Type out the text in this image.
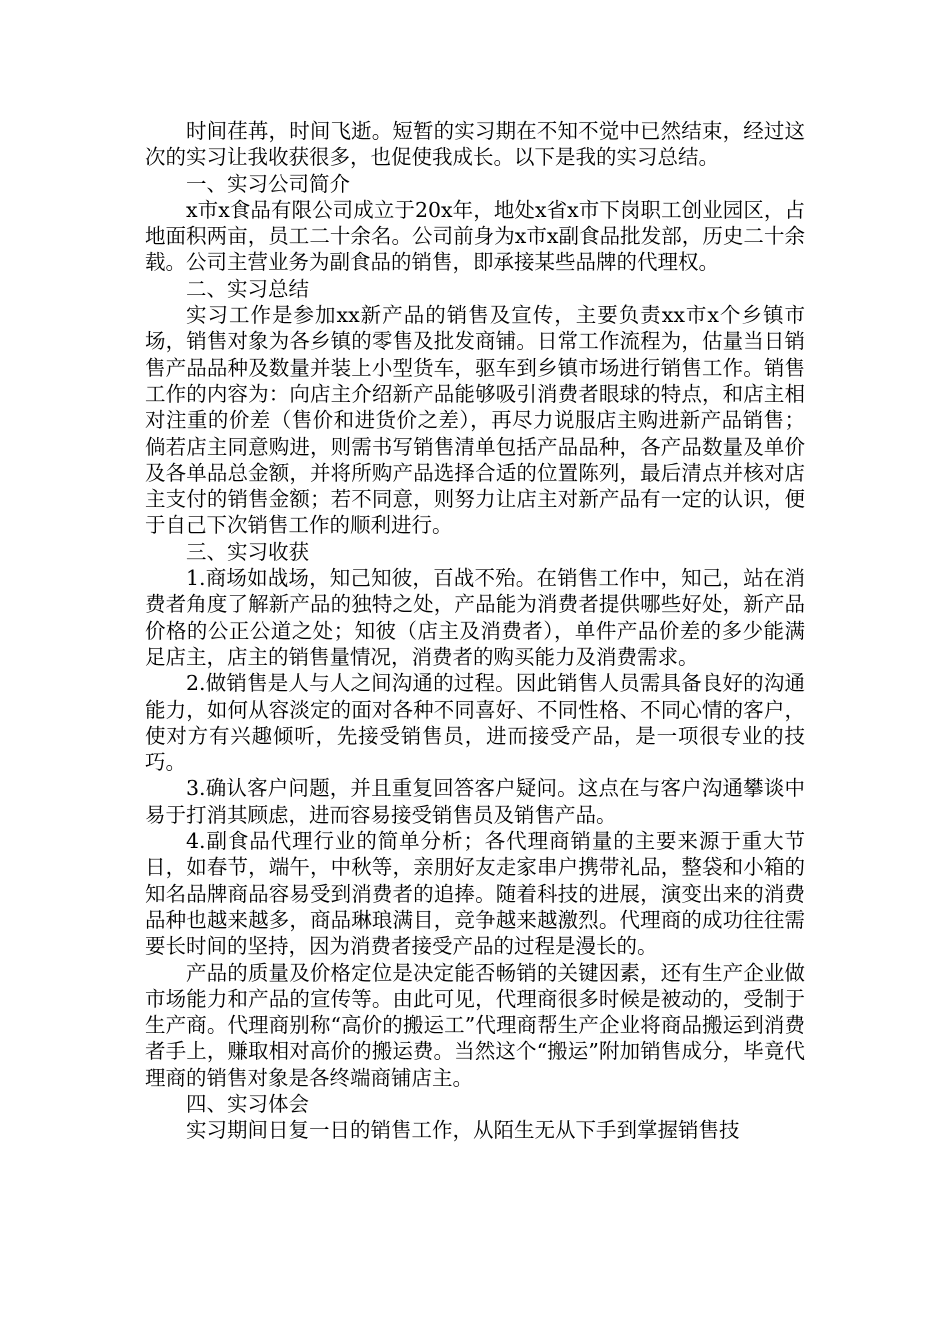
时间荏苒，时间飞逝。短暂的实习期在不知不觉中已然结束，经过这次的实习让我收获很多，也促使我成长。以下是我的实习总结。

一、实习公司简介

x市x食品有限公司成立于20x年，地处x省x市下岗职工创业园区，占地面积两亩，员工二十余名。公司前身为x市x副食品批发部，历史二十余载。公司主营业务为副食品的销售，即承接某些品牌的代理权。

二、实习总结

实习工作是参加xx新产品的销售及宣传，主要负责xx市x个乡镇市场，销售对象为各乡镇的零售及批发商铺。日常工作流程为，估量当日销售产品品种及数量并装上小型货车，驱车到乡镇市场进行销售工作。销售工作的内容为：向店主介绍新产品能够吸引消费者眼球的特点，和店主相对注重的价差（售价和进货价之差），再尽力说服店主购进新产品销售；倘若店主同意购进，则需书写销售清单包括产品品种，各产品数量及单价及各单品总金额，并将所购产品选择合适的位置陈列，最后清点并核对店主支付的销售金额；若不同意，则努力让店主对新产品有一定的认识，便于自己下次销售工作的顺利进行。

三、实习收获

1.商场如战场，知己知彼，百战不殆。在销售工作中，知己，站在消费者角度了解新产品的独特之处，产品能为消费者提供哪些好处，新产品价格的公正公道之处；知彼（店主及消费者），单件产品价差的多少能满足店主，店主的销售量情况，消费者的购买能力及消费需求。

2.做销售是人与人之间沟通的过程。因此销售人员需具备良好的沟通能力，如何从容淡定的面对各种不同喜好、不同性格、不同心情的客户，使对方有兴趣倾听，先接受销售员，进而接受产品，是一项很专业的技巧。

3.确认客户问题，并且重复回答客户疑问。这点在与客户沟通攀谈中易于打消其顾虑，进而容易接受销售员及销售产品。

4.副食品代理行业的简单分析；各代理商销量的主要来源于重大节日，如春节，端午，中秋等，亲朋好友走家串户携带礼品，整袋和小箱的知名品牌商品容易受到消费者的追捧。随着科技的进展，演变出来的消费品种也越来越多，商品琳琅满目，竞争越来越激烈。代理商的成功往往需要长时间的坚持，因为消费者接受产品的过程是漫长的。

产品的质量及价格定位是决定能否畅销的关键因素，还有生产企业做市场能力和产品的宣传等。由此可见，代理商很多时候是被动的，受制于生产商。代理商别称“高价的搬运工”代理商帮生产企业将商品搬运到消费者手上，赚取相对高价的搬运费。当然这个“搬运”附加销售成分，毕竟代理商的销售对象是各终端商铺店主。

四、实习体会

实习期间日复一日的销售工作，从陌生无从下手到掌握销售技
